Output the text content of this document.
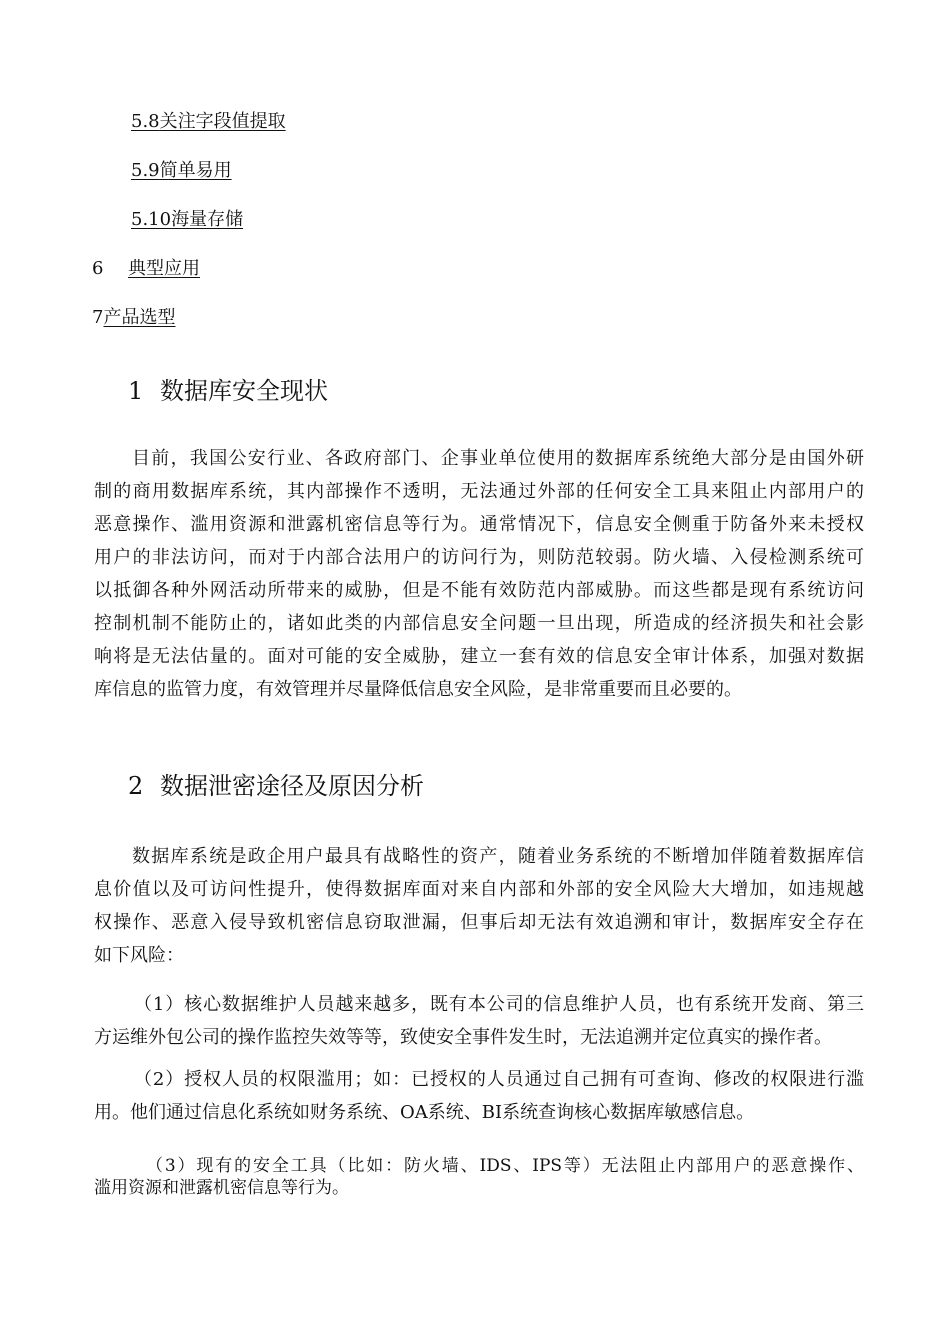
5.8关注字段值提取
5.9简单易用
5.10海量存储
6 典型应用
7产品选型
1 数据库安全现状
目前，我国公安行业、各政府部门、企事业单位使用的数据库系统绝大部分是由国外研
制的商用数据库系统，其内部操作不透明，无法通过外部的任何安全工具来阻止内部用户的
恶意操作、滥用资源和泄露机密信息等行为。通常情况下，信息安全侧重于防备外来未授权
用户的非法访问，而对于内部合法用户的访问行为，则防范较弱。防火墙、入侵检测系统可
以抵御各种外网活动所带来的威胁，但是不能有效防范内部威胁。而这些都是现有系统访问
控制机制不能防止的，诸如此类的内部信息安全问题一旦出现，所造成的经济损失和社会影
响将是无法估量的。面对可能的安全威胁，建立一套有效的信息安全审计体系，加强对数据
库信息的监管力度，有效管理并尽量降低信息安全风险，是非常重要而且必要的。
2 数据泄密途径及原因分析
数据库系统是政企用户最具有战略性的资产，随着业务系统的不断增加伴随着数据库信
息价值以及可访问性提升，使得数据库面对来自内部和外部的安全风险大大增加，如违规越
权操作、恶意入侵导致机密信息窃取泄漏，但事后却无法有效追溯和审计，数据库安全存在
如下风险：
（1）核心数据维护人员越来越多，既有本公司的信息维护人员，也有系统开发商、第三
方运维外包公司的操作监控失效等等，致使安全事件发生时，无法追溯并定位真实的操作者。
（2）授权人员的权限滥用；如：已授权的人员通过自己拥有可查询、修改的权限进行滥
用。他们通过信息化系统如财务系统、OA系统、BI系统查询核心数据库敏感信息。
（3）现有的安全工具（比如：防火墙、IDS、IPS等）无法阻止内部用户的恶意操作、
滥用资源和泄露机密信息等行为。
